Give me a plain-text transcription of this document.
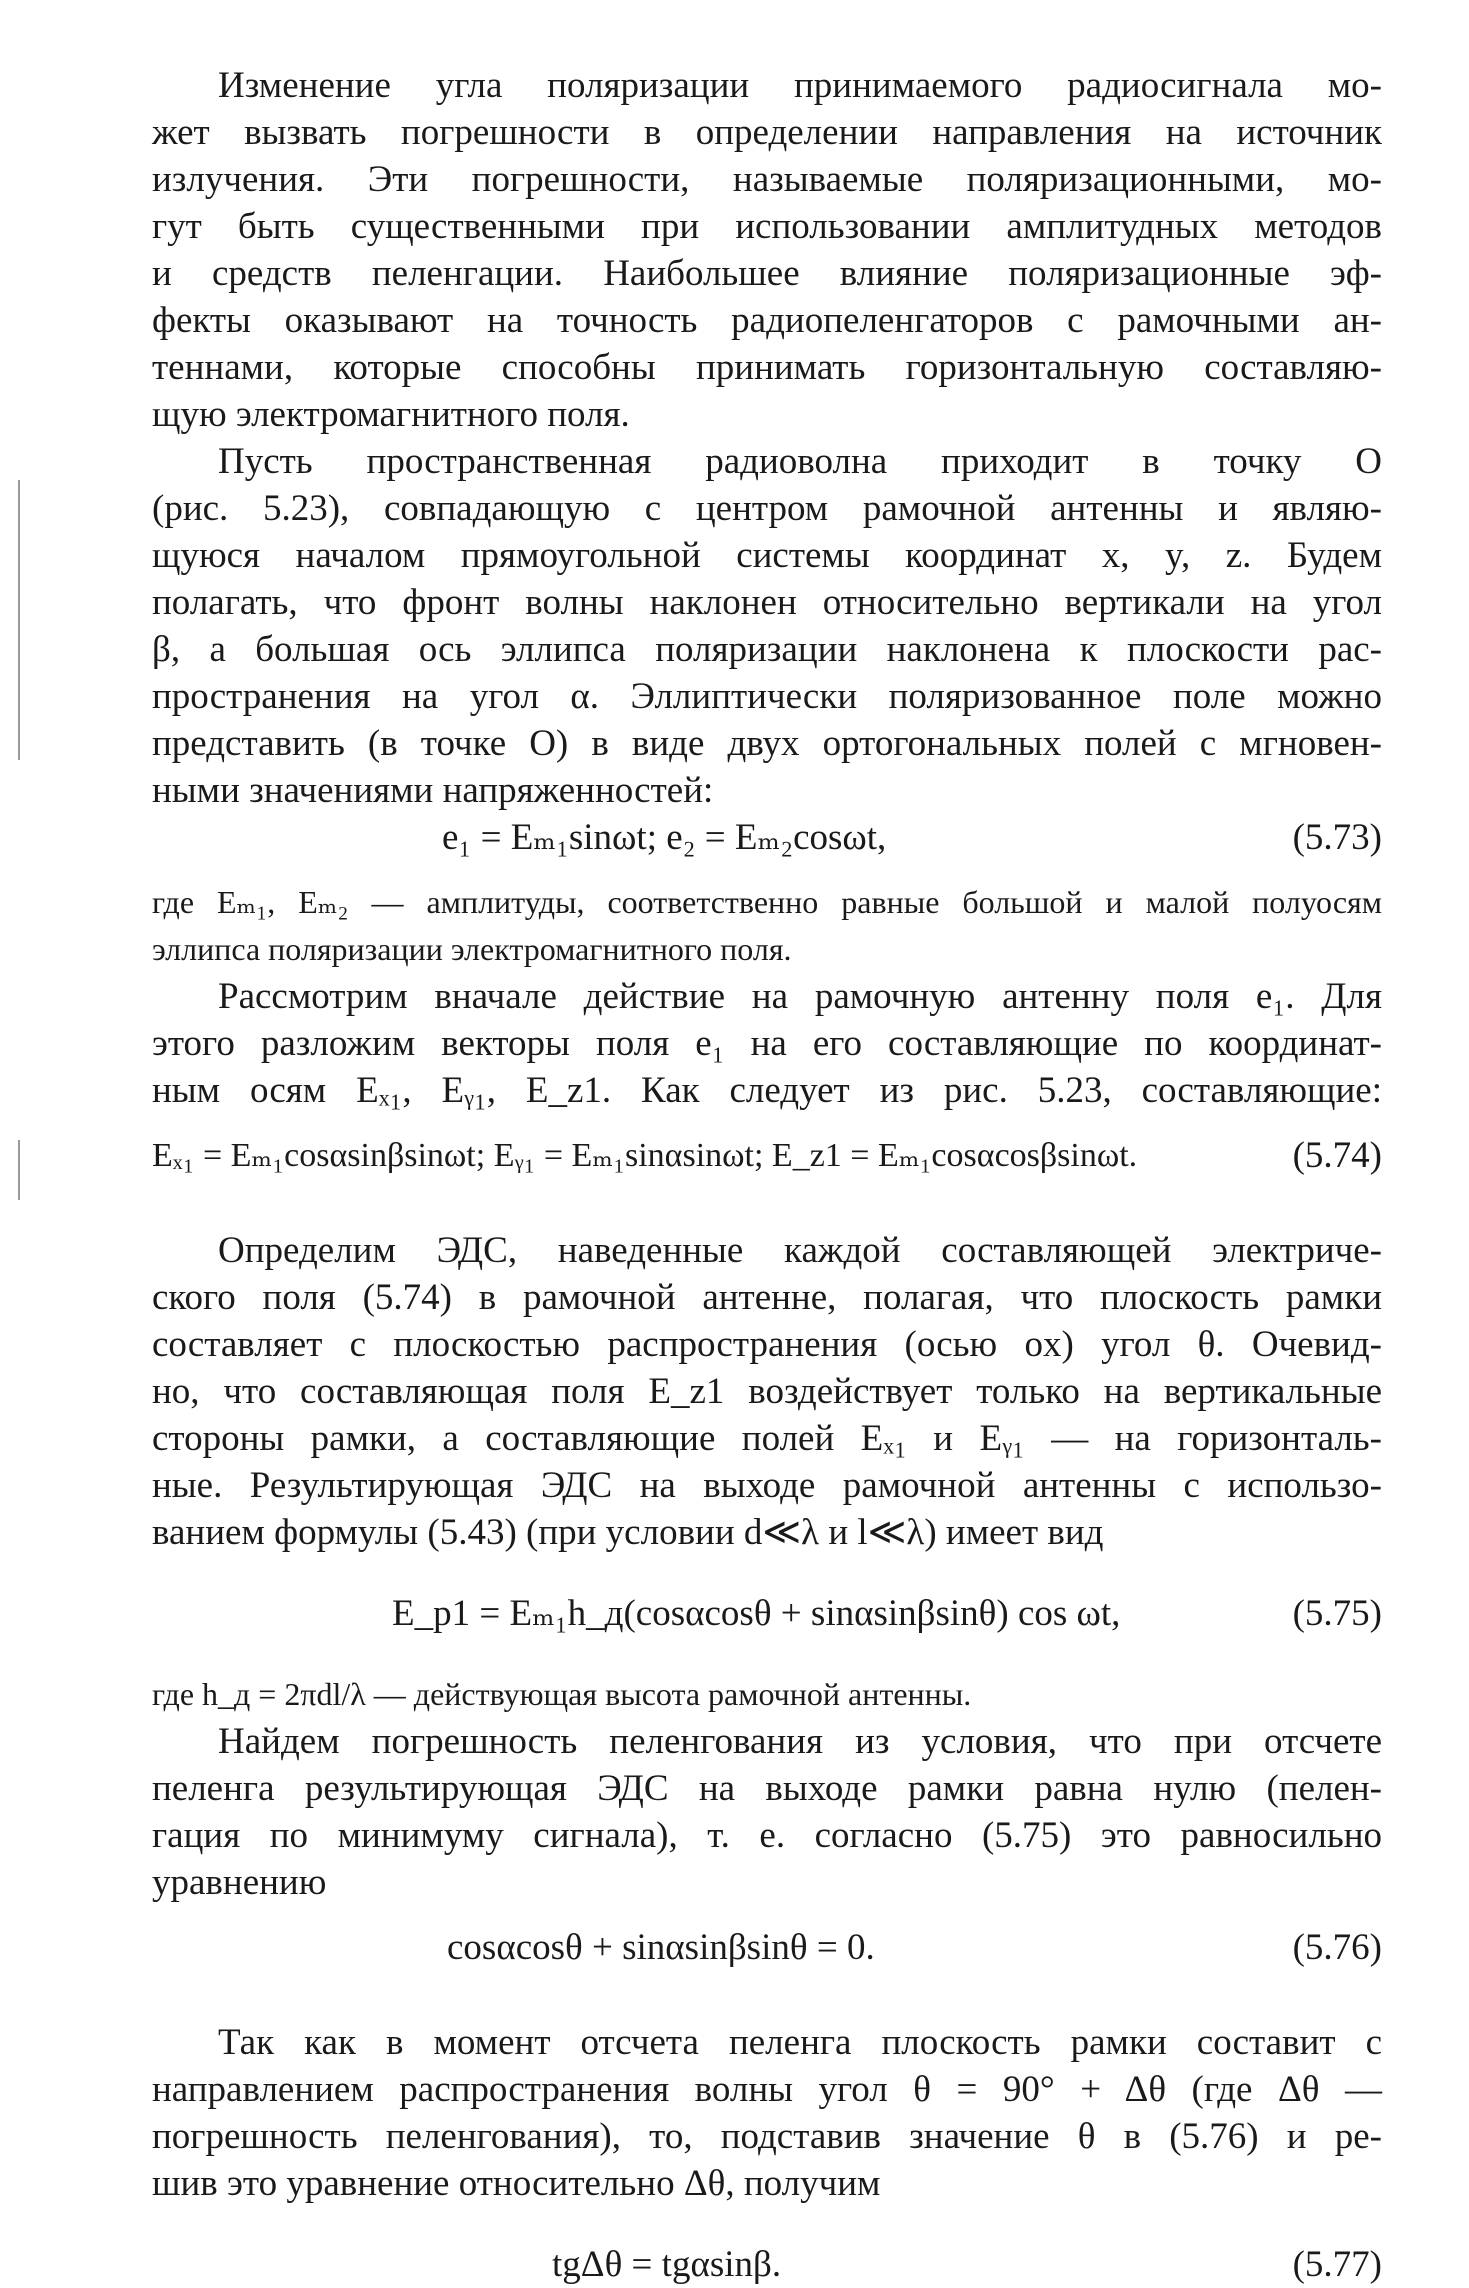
Изменение угла поляризации принимаемого радиосигнала мо-
жет вызвать погрешности в определении направления на источник
излучения. Эти погрешности, называемые поляризационными, мо-
гут быть существенными при использовании амплитудных методов
и средств пеленгации. Наибольшее влияние поляризационные эф-
фекты оказывают на точность радиопеленгаторов с рамочными ан-
теннами, которые способны принимать горизонтальную составляю-
щую электромагнитного поля.
Пусть пространственная радиоволна приходит в точку О
(рис. 5.23), совпадающую с центром рамочной антенны и являю-
щуюся началом прямоугольной системы координат x, y, z. Будем
полагать, что фронт волны наклонен относительно вертикали на угол
β, а большая ось эллипса поляризации наклонена к плоскости рас-
пространения на угол α. Эллиптически поляризованное поле можно
представить (в точке О) в виде двух ортогональных полей с мгновен-
ными значениями напряженностей:
e₁ = Eₘ₁sinωt; e₂ = Eₘ₂cosωt,	(5.73)
где Eₘ₁, Eₘ₂ — амплитуды, соответственно равные большой и малой полуосям
эллипса поляризации электромагнитного поля.
Рассмотрим вначале действие на рамочную антенну поля e₁. Для
этого разложим векторы поля e₁ на его составляющие по координат-
ным осям Eₓ₁, Eᵧ₁, E_z1. Как следует из рис. 5.23, составляющие:
Eₓ₁ = Eₘ₁cosαsinβsinωt; Eᵧ₁ = Eₘ₁sinαsinωt; E_z1 = Eₘ₁cosαcosβsinωt.	(5.74)
Определим ЭДС, наведенные каждой составляющей электриче-
ского поля (5.74) в рамочной антенне, полагая, что плоскость рамки
составляет с плоскостью распространения (осью ox) угол θ. Очевид-
но, что составляющая поля E_z1 воздействует только на вертикальные
стороны рамки, а составляющие полей Eₓ₁ и Eᵧ₁ — на горизонталь-
ные. Результирующая ЭДС на выходе рамочной антенны с использо-
ванием формулы (5.43) (при условии d≪λ и l≪λ) имеет вид
E_p1 = Eₘ₁h_д(cosαcosθ + sinαsinβsinθ) cos ωt,	(5.75)
где h_д = 2πdl/λ — действующая высота рамочной антенны.
Найдем погрешность пеленгования из условия, что при отсчете
пеленга результирующая ЭДС на выходе рамки равна нулю (пелен-
гация по минимуму сигнала), т. е. согласно (5.75) это равносильно
уравнению
cosαcosθ + sinαsinβsinθ = 0.	(5.76)
Так как в момент отсчета пеленга плоскость рамки составит с
направлением распространения волны угол θ = 90° + Δθ (где Δθ —
погрешность пеленгования), то, подставив значение θ в (5.76) и ре-
шив это уравнение относительно Δθ, получим
tgΔθ = tgαsinβ.	(5.77)
